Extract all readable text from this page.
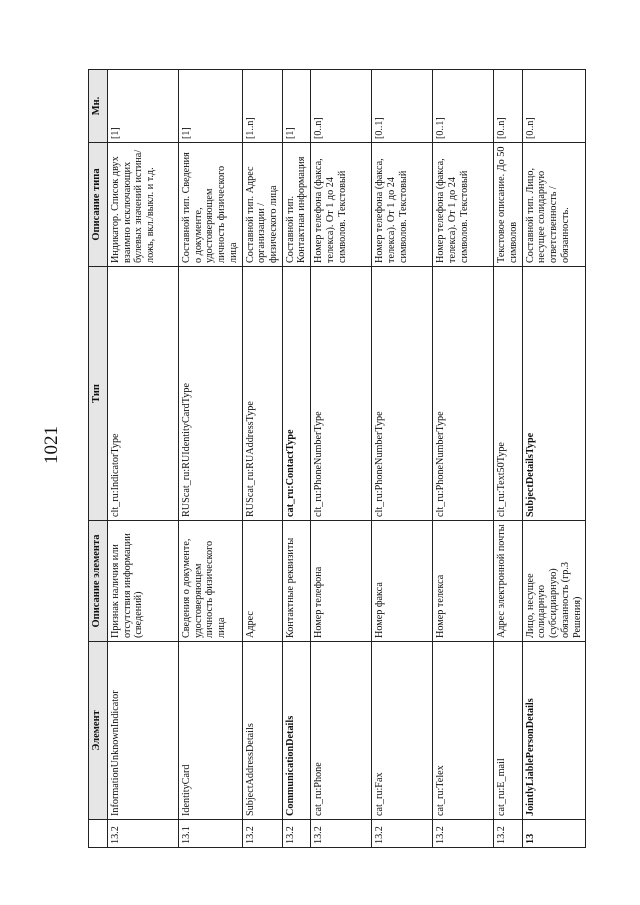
1021
	Элемент	Описание элемента	Тип	Описание типа	Мн.
13.2	InformationUnknownIndicator	Признак наличия или отсутствия информации (сведений)	clt_ru:IndicatorType	Индикатор. Список двух взаимно исключающих булевых значений истина/ложь, вкл./выкл. и т.д.	[1]
13.1	IdentityCard	Сведения о документе, удостоверяющем личность физического лица	RUScat_ru:RUIdentityCardType	Составной тип. Сведения о документе, удостоверяющем личность физического лица	[1]
13.2	SubjectAddressDetails	Адрес	RUScat_ru:RUAddressType	Составной тип. Адрес организации / физического лица	[1..n]
13.2	CommunicationDetails	Контактные реквизиты	cat_ru:ContactType	Составной тип. Контактная информация	[1]
13.2	cat_ru:Phone	Номер телефона	clt_ru:PhoneNumberType	Номер телефона (факса, телекса). От 1 до 24 символов. Текстовый	[0..n]
13.2	cat_ru:Fax	Номер факса	clt_ru:PhoneNumberType	Номер телефона (факса, телекса). От 1 до 24 символов. Текстовый	[0..1]
13.2	cat_ru:Telex	Номер телекса	clt_ru:PhoneNumberType	Номер телефона (факса, телекса). От 1 до 24 символов. Текстовый	[0..1]
13.2	cat_ru:E_mail	Адрес электронной почты	clt_ru:Text50Type	Текстовое описание. До 50 символов	[0..n]
13	JointlyLiablePersonDetails	Лицо, несущее солидарную (субсидиарную) обязанность (гр.3 Решения)	SubjectDetailsType	Составной тип. Лицо, несущее солидарную ответственность / обязанность.	[0..n]
